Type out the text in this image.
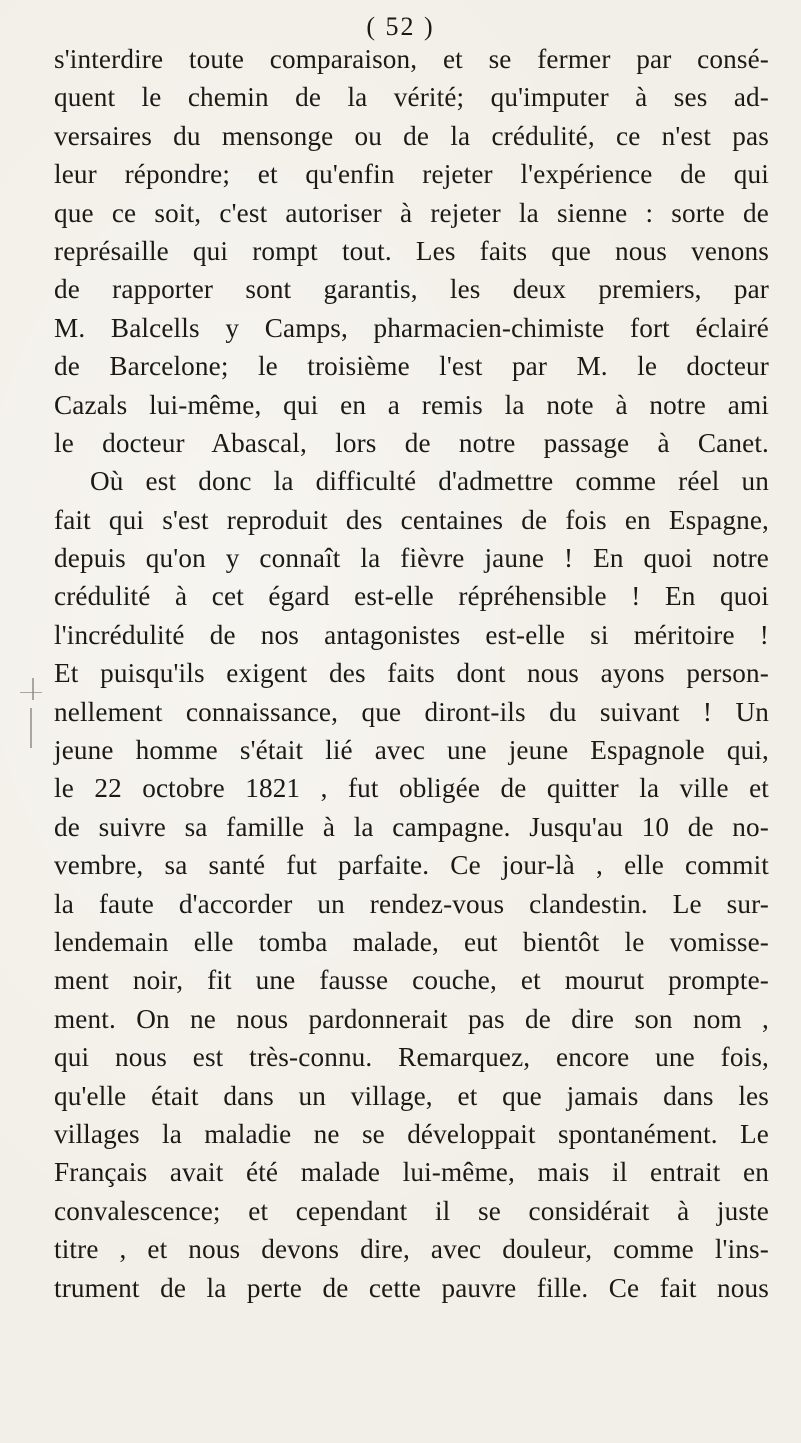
( 52 )
s'interdire toute comparaison, et se fermer par consé-
quent le chemin de la vérité; qu'imputer à ses ad-
versaires du mensonge ou de la crédulité, ce n'est pas
leur répondre; et qu'enfin rejeter l'expérience de qui
que ce soit, c'est autoriser à rejeter la sienne : sorte de
représaille qui rompt tout. Les faits que nous venons
de rapporter sont garantis, les deux premiers, par
M. Balcells y Camps, pharmacien-chimiste fort éclairé
de Barcelone; le troisième l'est par M. le docteur
Cazals lui-même, qui en a remis la note à notre ami
le docteur Abascal, lors de notre passage à Canet.
Où est donc la difficulté d'admettre comme réel un
fait qui s'est reproduit des centaines de fois en Espagne,
depuis qu'on y connaît la fièvre jaune ! En quoi notre
crédulité à cet égard est-elle répréhensible ! En quoi
l'incrédulité de nos antagonistes est-elle si méritoire !
Et puisqu'ils exigent des faits dont nous ayons person-
nellement connaissance, que diront-ils du suivant ! Un
jeune homme s'était lié avec une jeune Espagnole qui,
le 22 octobre 1821 , fut obligée de quitter la ville et
de suivre sa famille à la campagne. Jusqu'au 10 de no-
vembre, sa santé fut parfaite. Ce jour-là , elle commit
la faute d'accorder un rendez-vous clandestin. Le sur-
lendemain elle tomba malade, eut bientôt le vomisse-
ment noir, fit une fausse couche, et mourut prompte-
ment. On ne nous pardonnerait pas de dire son nom ,
qui nous est très-connu. Remarquez, encore une fois,
qu'elle était dans un village, et que jamais dans les
villages la maladie ne se développait spontanément. Le
Français avait été malade lui-même, mais il entrait en
convalescence; et cependant il se considérait à juste
titre , et nous devons dire, avec douleur, comme l'ins-
trument de la perte de cette pauvre fille. Ce fait nous
